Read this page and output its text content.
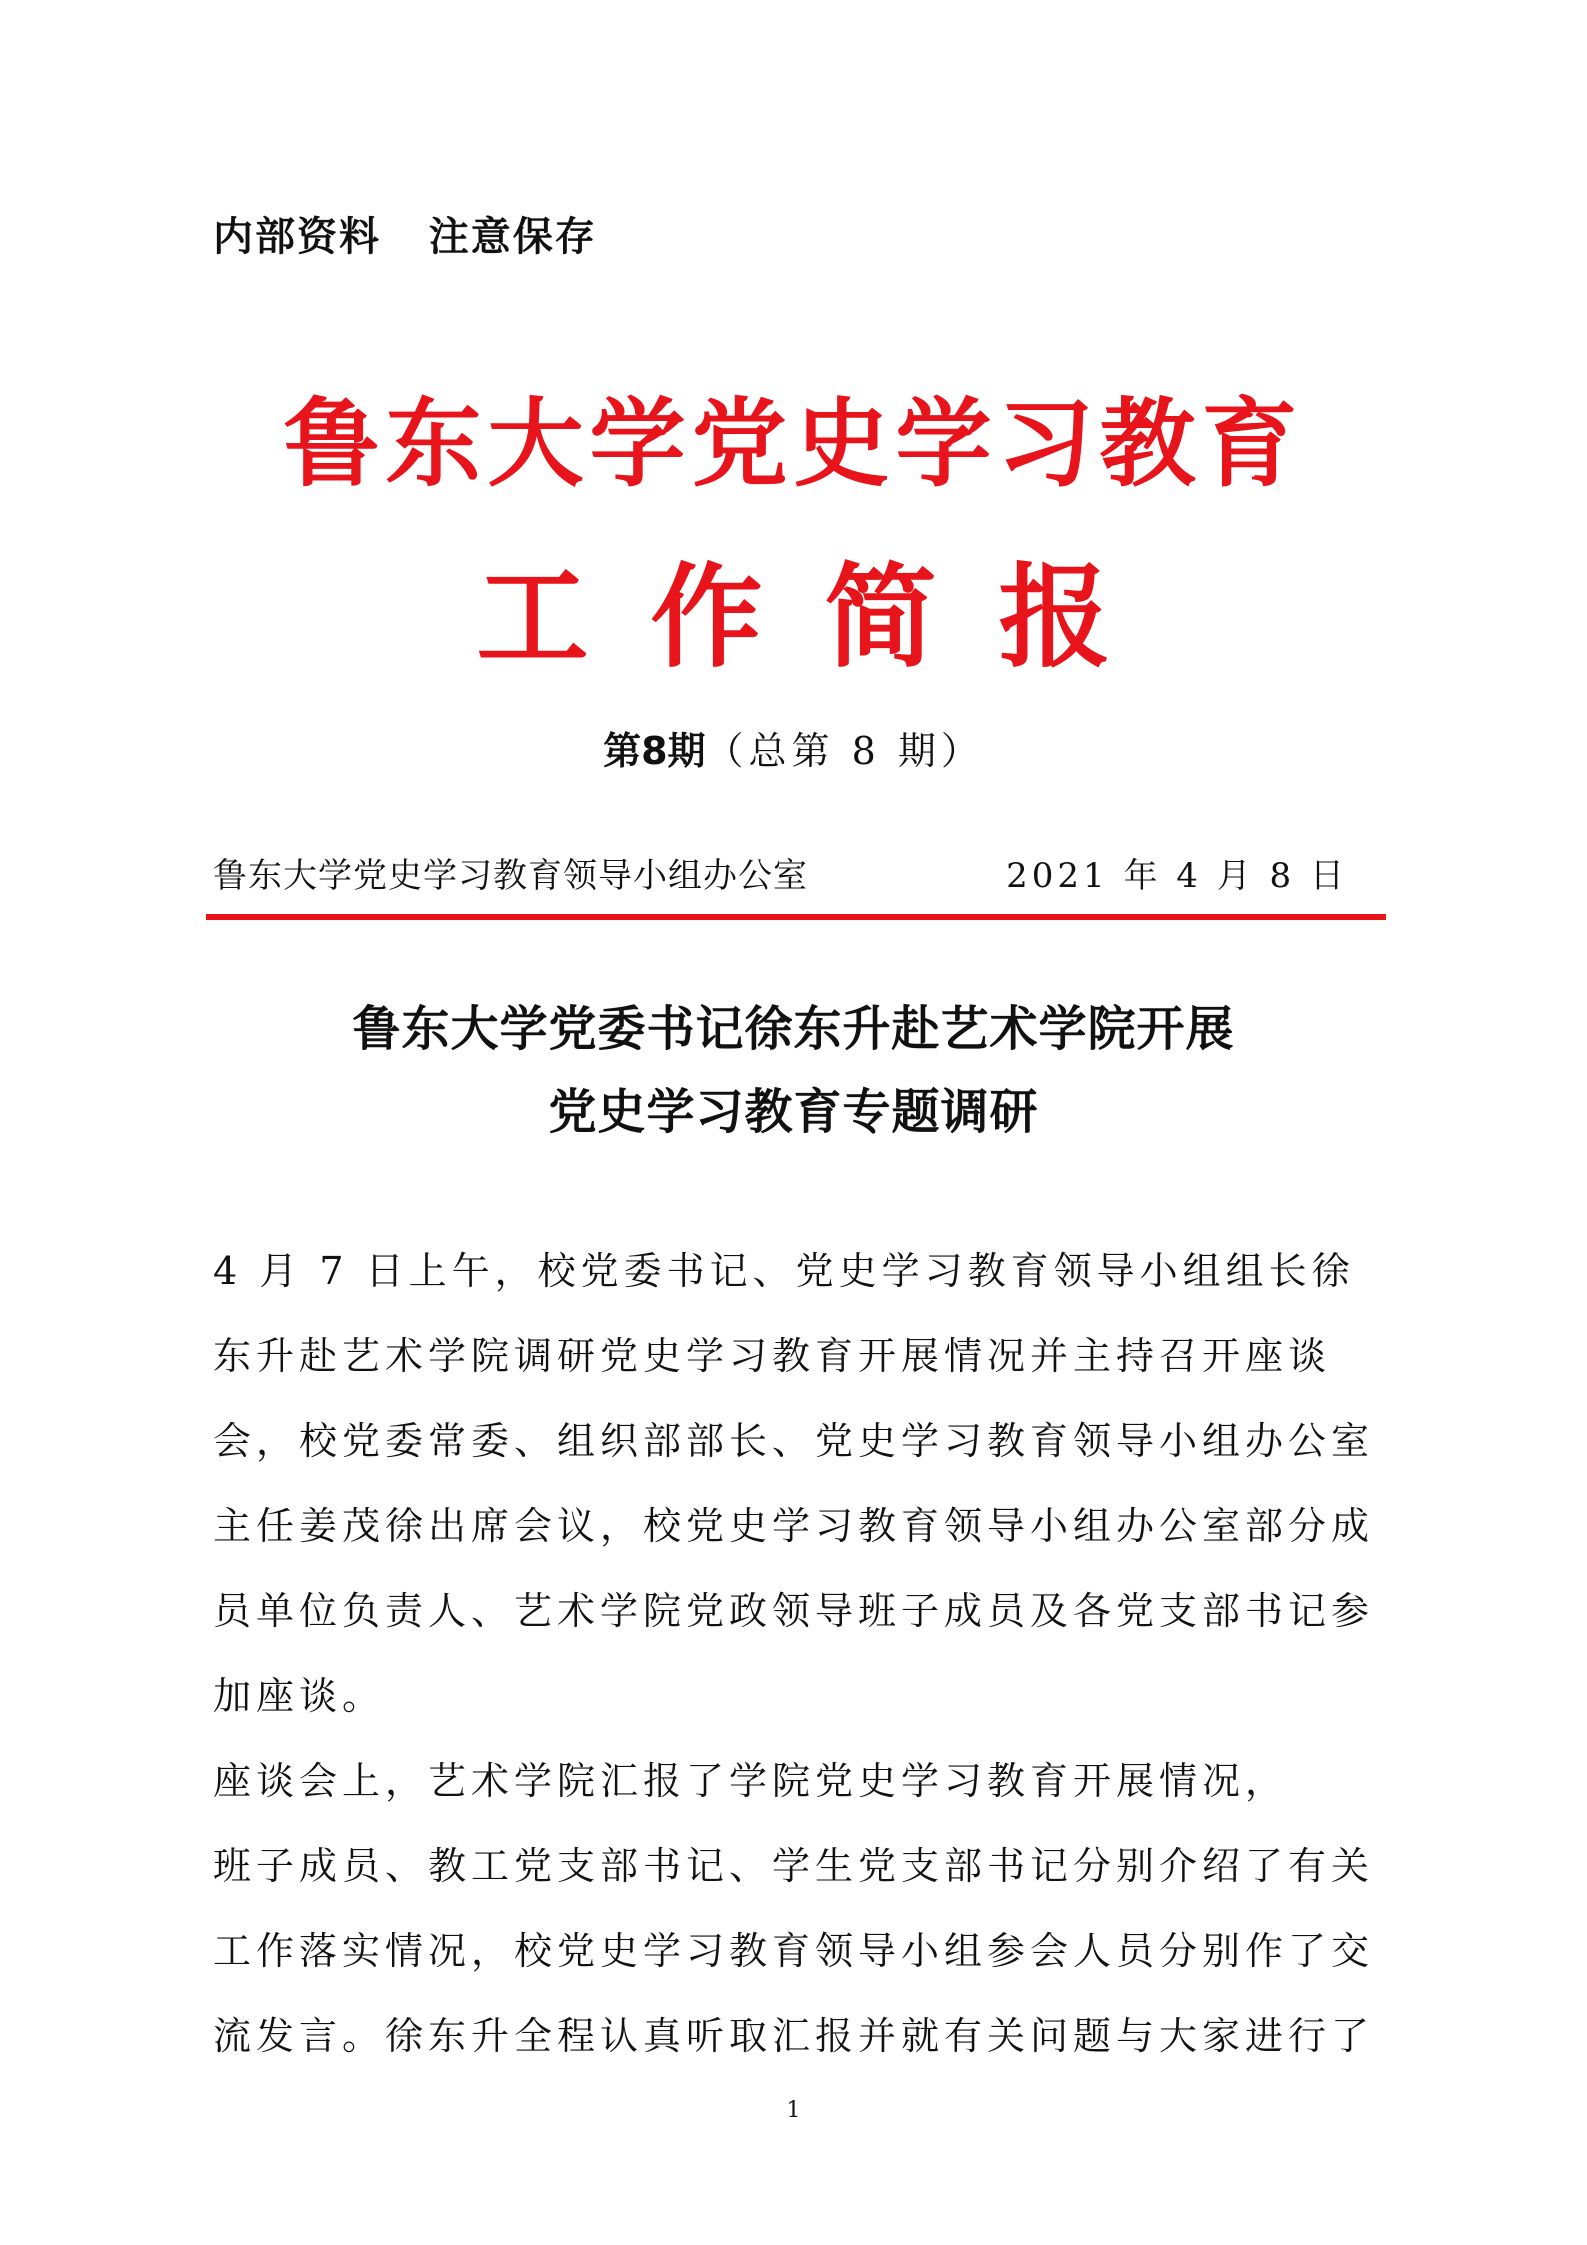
内部资料   注意保存
鲁东大学党史学习教育
工作简报
第8期（总第 8 期）
鲁东大学党史学习教育领导小组办公室	2021 年 4 月 8 日
鲁东大学党委书记徐东升赴艺术学院开展
党史学习教育专题调研
4 月 7 日上午，校党委书记、党史学习教育领导小组组长徐
东升赴艺术学院调研党史学习教育开展情况并主持召开座谈
会，校党委常委、组织部部长、党史学习教育领导小组办公室
主任姜茂徐出席会议，校党史学习教育领导小组办公室部分成
员单位负责人、艺术学院党政领导班子成员及各党支部书记参
加座谈。
座谈会上，艺术学院汇报了学院党史学习教育开展情况，
班子成员、教工党支部书记、学生党支部书记分别介绍了有关
工作落实情况，校党史学习教育领导小组参会人员分别作了交
流发言。徐东升全程认真听取汇报并就有关问题与大家进行了
1
